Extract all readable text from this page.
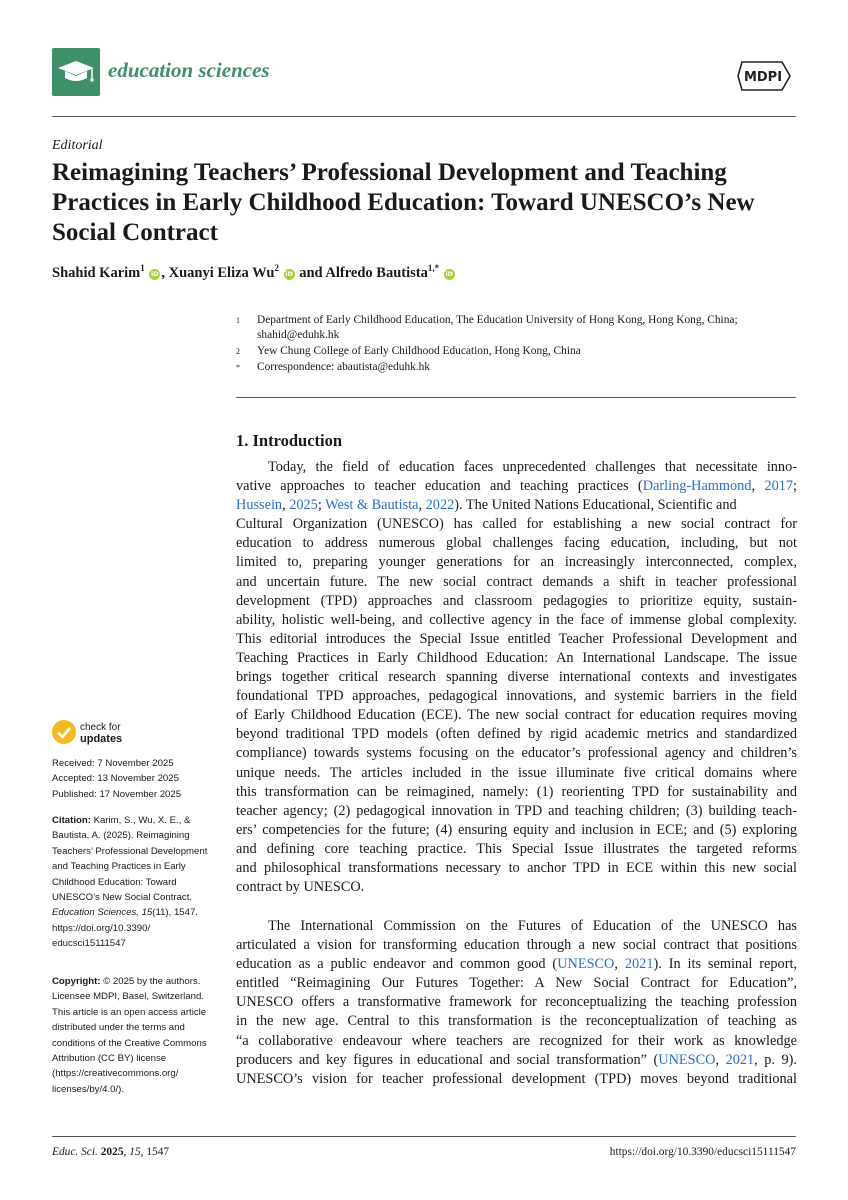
education sciences	MDPI
Editorial
Reimagining Teachers’ Professional Development and Teaching Practices in Early Childhood Education: Toward UNESCO’s New Social Contract
Shahid Karim$^1$ iD , Xuanyi Eliza Wu$^2$ iD and Alfredo Bautista$^{1,*}$ iD
1 Department of Early Childhood Education, The Education University of Hong Kong, Hong Kong, China;
shahid@eduhk.hk
2 Yew Chung College of Early Childhood Education, Hong Kong, China
* Correspondence: abautista@eduhk.hk
1. Introduction
Today, the field of education faces unprecedented challenges that necessitate inno-
vative approaches to teacher education and teaching practices (Darling-Hammond, 2017;
Hussein, 2025; West & Bautista, 2022). The United Nations Educational, Scientific and
Cultural Organization (UNESCO) has called for establishing a new social contract for
education to address numerous global challenges facing education, including, but not
limited to, preparing younger generations for an increasingly interconnected, complex,
and uncertain future. The new social contract demands a shift in teacher professional
development (TPD) approaches and classroom pedagogies to prioritize equity, sustain-
ability, holistic well-being, and collective agency in the face of immense global complexity.
This editorial introduces the Special Issue entitled Teacher Professional Development and
Teaching Practices in Early Childhood Education: An International Landscape. The issue
brings together critical research spanning diverse international contexts and investigates
foundational TPD approaches, pedagogical innovations, and systemic barriers in the field
of Early Childhood Education (ECE). The new social contract for education requires moving
beyond traditional TPD models (often defined by rigid academic metrics and standardized
compliance) towards systems focusing on the educator’s professional agency and children’s
unique needs. The articles included in the issue illuminate five critical domains where
this transformation can be reimagined, namely: (1) reorienting TPD for sustainability and
teacher agency; (2) pedagogical innovation in TPD and teaching children; (3) building teach-
ers’ competencies for the future; (4) ensuring equity and inclusion in ECE; and (5) exploring
and defining core teaching practice. This Special Issue illustrates the targeted reforms
and philosophical transformations necessary to anchor TPD in ECE within this new social
contract by UNESCO.
The International Commission on the Futures of Education of the UNESCO has
articulated a vision for transforming education through a new social contract that positions
education as a public endeavor and common good (UNESCO, 2021). In its seminal report,
entitled “Reimagining Our Futures Together: A New Social Contract for Education”,
UNESCO offers a transformative framework for reconceptualizing the teaching profession
in the new age. Central to this transformation is the reconceptualization of teaching as
“a collaborative endeavour where teachers are recognized for their work as knowledge
producers and key figures in educational and social transformation” (UNESCO, 2021, p. 9).
UNESCO’s vision for teacher professional development (TPD) moves beyond traditional
check for
updates
Received: 7 November 2025
Accepted: 13 November 2025
Published: 17 November 2025
Citation: Karim, S., Wu, X. E., &
Bautista, A. (2025). Reimagining
Teachers’ Professional Development
and Teaching Practices in Early
Childhood Education: Toward
UNESCO’s New Social Contract.
Education Sciences, 15(11), 1547.
https://doi.org/10.3390/
educsci15111547
Copyright: © 2025 by the authors.
Licensee MDPI, Basel, Switzerland.
This article is an open access article
distributed under the terms and
conditions of the Creative Commons
Attribution (CC BY) license
(https://creativecommons.org/
licenses/by/4.0/).
Educ. Sci. 2025, 15, 1547	https://doi.org/10.3390/educsci15111547
